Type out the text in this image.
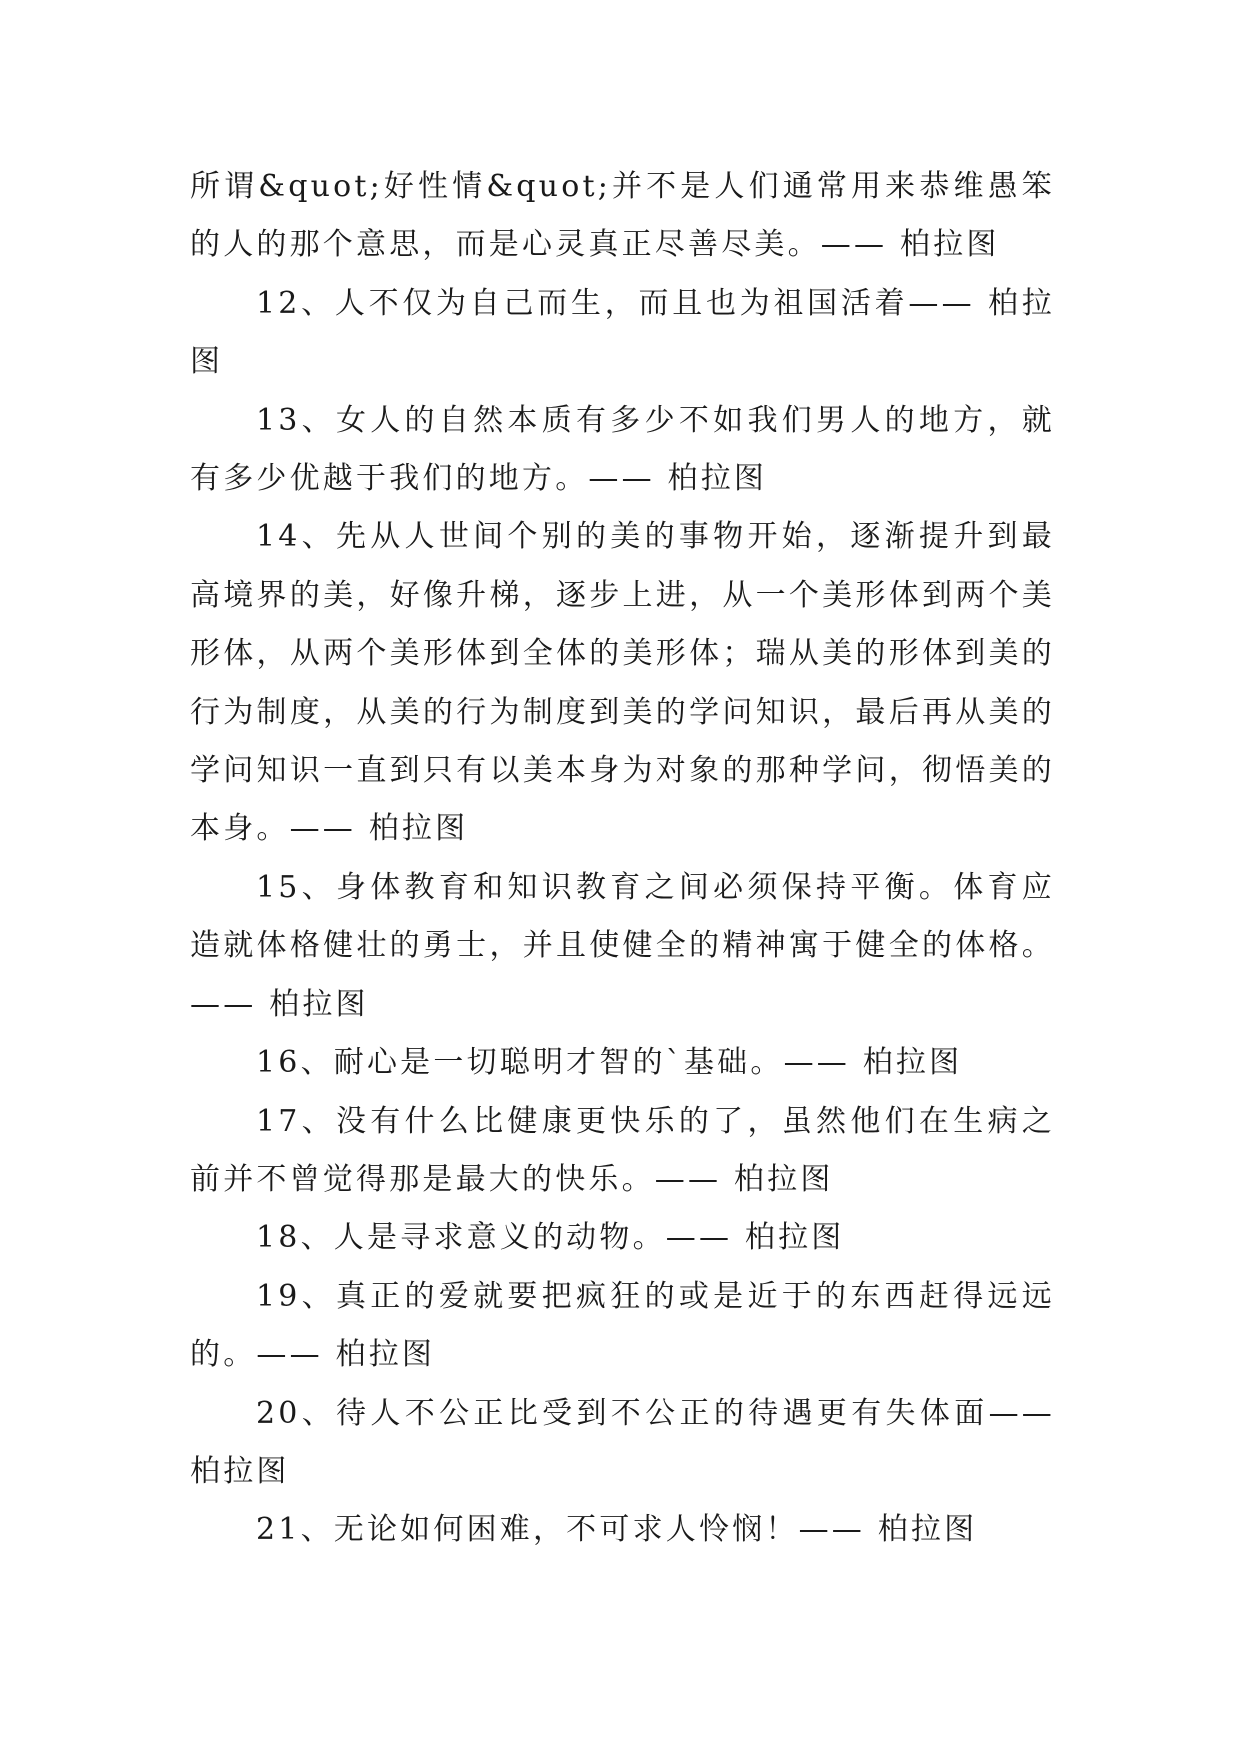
所谓&quot;好性情&quot;并不是人们通常用来恭维愚笨的人的那个意思，而是心灵真正尽善尽美。—— 柏拉图

12、人不仅为自己而生，而且也为祖国活着—— 柏拉图

13、女人的自然本质有多少不如我们男人的地方，就有多少优越于我们的地方。—— 柏拉图

14、先从人世间个别的美的事物开始，逐渐提升到最高境界的美，好像升梯，逐步上进，从一个美形体到两个美形体，从两个美形体到全体的美形体；瑞从美的形体到美的行为制度，从美的行为制度到美的学问知识，最后再从美的学问知识一直到只有以美本身为对象的那种学问，彻悟美的本身。—— 柏拉图

15、身体教育和知识教育之间必须保持平衡。体育应造就体格健壮的勇士，并且使健全的精神寓于健全的体格。—— 柏拉图

16、耐心是一切聪明才智的`基础。—— 柏拉图

17、没有什么比健康更快乐的了，虽然他们在生病之前并不曾觉得那是最大的快乐。—— 柏拉图

18、人是寻求意义的动物。—— 柏拉图

19、真正的爱就要把疯狂的或是近于的东西赶得远远的。—— 柏拉图

20、待人不公正比受到不公正的待遇更有失体面—— 柏拉图

21、无论如何困难，不可求人怜悯！—— 柏拉图
